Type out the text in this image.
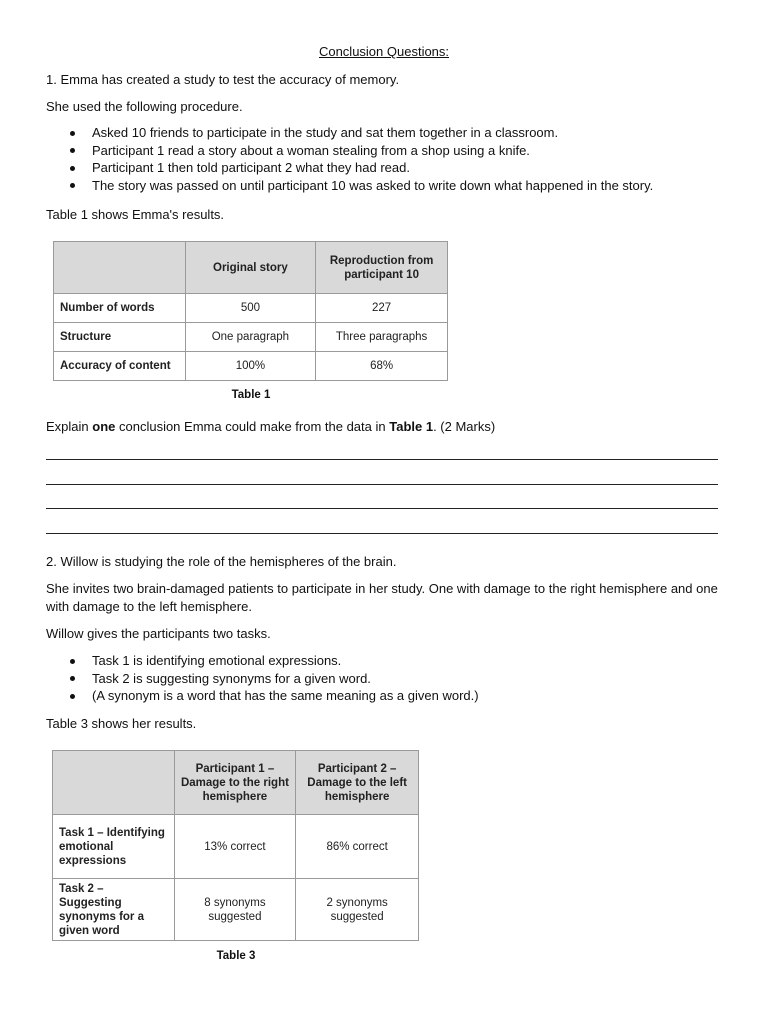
Conclusion Questions:
1. Emma has created a study to test the accuracy of memory.
She used the following procedure.
Asked 10 friends to participate in the study and sat them together in a classroom.
Participant 1 read a story about a woman stealing from a shop using a knife.
Participant 1 then told participant 2 what they had read.
The story was passed on until participant 10 was asked to write down what happened in the story.
Table 1 shows Emma's results.
	Original story	Reproduction from participant 10
Number of words	500	227
Structure	One paragraph	Three paragraphs
Accuracy of content	100%	68%
Table 1
Explain one conclusion Emma could make from the data in Table 1. (2 Marks)
2. Willow is studying the role of the hemispheres of the brain.
She invites two brain-damaged patients to participate in her study. One with damage to the right hemisphere and one with damage to the left hemisphere.
Willow gives the participants two tasks.
Task 1 is identifying emotional expressions.
Task 2 is suggesting synonyms for a given word.
(A synonym is a word that has the same meaning as a given word.)
Table 3 shows her results.
	Participant 1 – Damage to the right hemisphere	Participant 2 – Damage to the left hemisphere
Task 1 – Identifying emotional expressions	13% correct	86% correct
Task 2 – Suggesting synonyms for a given word	8 synonyms suggested	2 synonyms suggested
Table 3
